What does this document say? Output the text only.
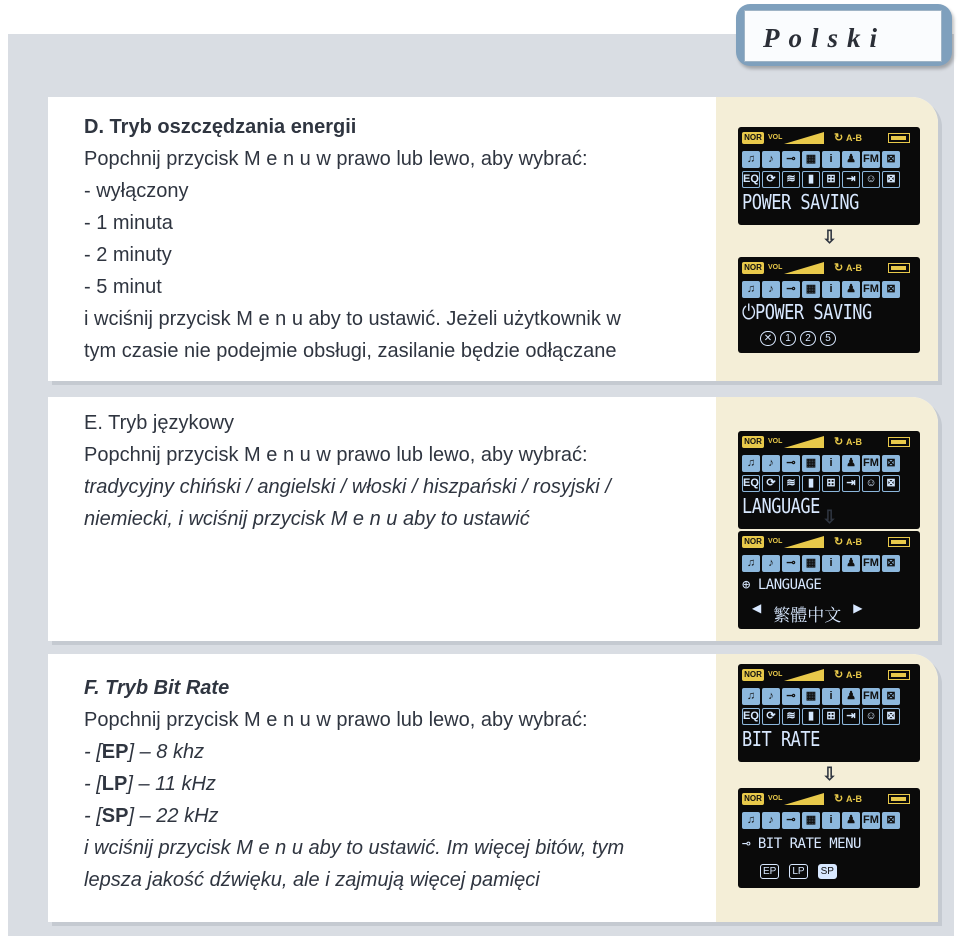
Polski
D. Tryb oszczędzania energii
Popchnij przycisk M e n u w prawo lub lewo, aby wybrać:
- wyłączony
- 1 minuta
- 2 minuty
- 5 minut
i wciśnij przycisk M e n u aby to ustawić. Jeżeli użytkownik w
tym czasie nie podejmie obsługi, zasilanie będzie odłączane
NOR VOL	↻ A-B
♫	♪	⊸ ▦	i	♟ FM ⊠
EQ ⟳ ≋	▮	⊞ ⇥ ☺ ⊠
POWER SAVING
⇩
NOR VOL	↻ A-B
♫	♪	⊸ ▦	i	♟ FM ⊠
⏻POWER SAVING
✕	1	2	5
E. Tryb językowy
Popchnij przycisk M e n u w prawo lub lewo, aby wybrać:
tradycyjny chiński / angielski / włoski / hiszpański / rosyjski /
niemiecki, i wciśnij przycisk M e n u aby to ustawić
NOR VOL	↻ A-B
♫	♪	⊸ ▦	i	♟ FM ⊠
EQ ⟳ ≋	▮	⊞ ⇥ ☺ ⊠
LANGUAGE ⇩
NOR VOL	↻ A-B
♫	♪	⊸ ▦	i	♟ FM ⊠
⊕ LANGUAGE
◀ 繁體中文 ▶
F. Tryb Bit Rate
Popchnij przycisk M e n u w prawo lub lewo, aby wybrać:
- [EP] – 8 khz
- [LP] – 11 kHz
- [SP] – 22 kHz
i wciśnij przycisk M e n u aby to ustawić. Im więcej bitów, tym
lepsza jakość dźwięku, ale i zajmują więcej pamięci
NOR VOL	↻ A-B
♫	♪	⊸ ▦	i	♟ FM ⊠
EQ ⟳ ≋	▮	⊞ ⇥ ☺ ⊠
BIT RATE
⇩
NOR VOL	↻ A-B
♫	♪	⊸ ▦	i	♟ FM ⊠
⊸ BIT RATE MENU
EP	LP	SP
